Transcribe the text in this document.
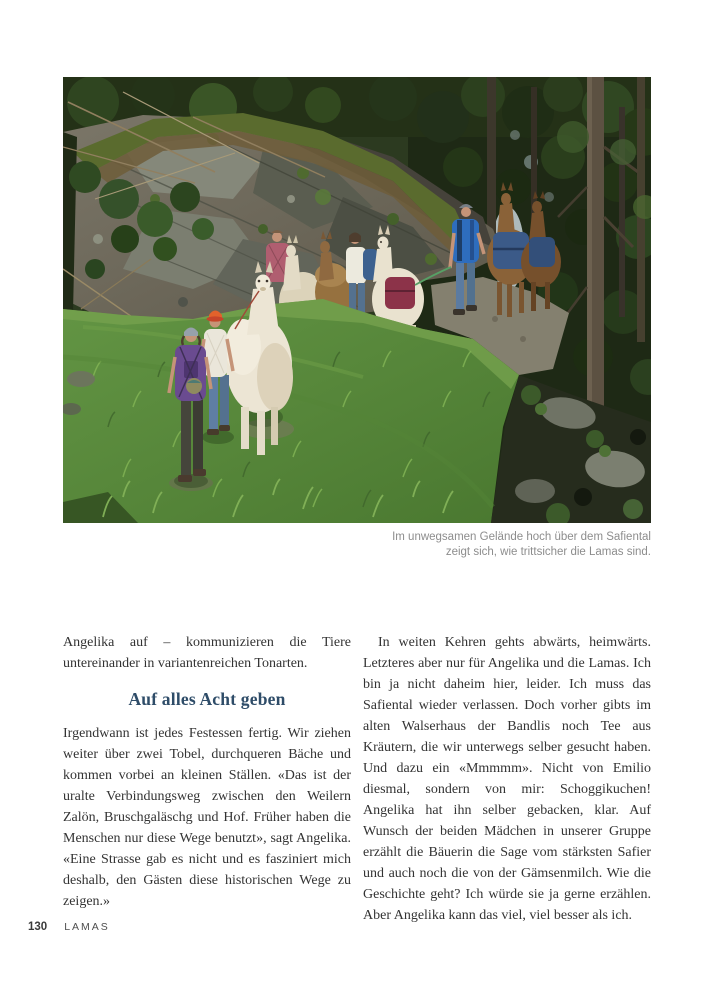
Im unwegsamen Gelände hoch über dem Safiental zeigt sich, wie trittsicher die Lamas sind.

Angelika auf – kommunizieren die Tiere untereinander in variantenreichen Tonarten.

Auf alles Acht geben

Irgendwann ist jedes Festessen fertig. Wir ziehen weiter über zwei Tobel, durchqueren Bäche und kommen vorbei an kleinen Ställen. «Das ist der uralte Verbindungsweg zwischen den Weilern Zalön, Bruschgaläschg und Hof. Früher haben die Menschen nur diese Wege benutzt», sagt Angelika. «Eine Strasse gab es nicht und es fasziniert mich deshalb, den Gästen diese historischen Wege zu zeigen.»

In weiten Kehren gehts abwärts, heimwärts. Letzteres aber nur für Angelika und die Lamas. Ich bin ja nicht daheim hier, leider. Ich muss das Safiental wieder verlassen. Doch vorher gibts im alten Walserhaus der Bandlis noch Tee aus Kräutern, die wir unterwegs selber gesucht haben. Und dazu ein «Mmmmm». Nicht von Emilio diesmal, sondern von mir: Schoggikuchen! Angelika hat ihn selber gebacken, klar. Auf Wunsch der beiden Mädchen in unserer Gruppe erzählt die Bäuerin die Sage vom stärksten Safier und auch noch die von der Gämsenmilch. Wie die Geschichte geht? Ich würde sie ja gerne erzählen. Aber Angelika kann das viel, viel besser als ich.

130 LAMAS
